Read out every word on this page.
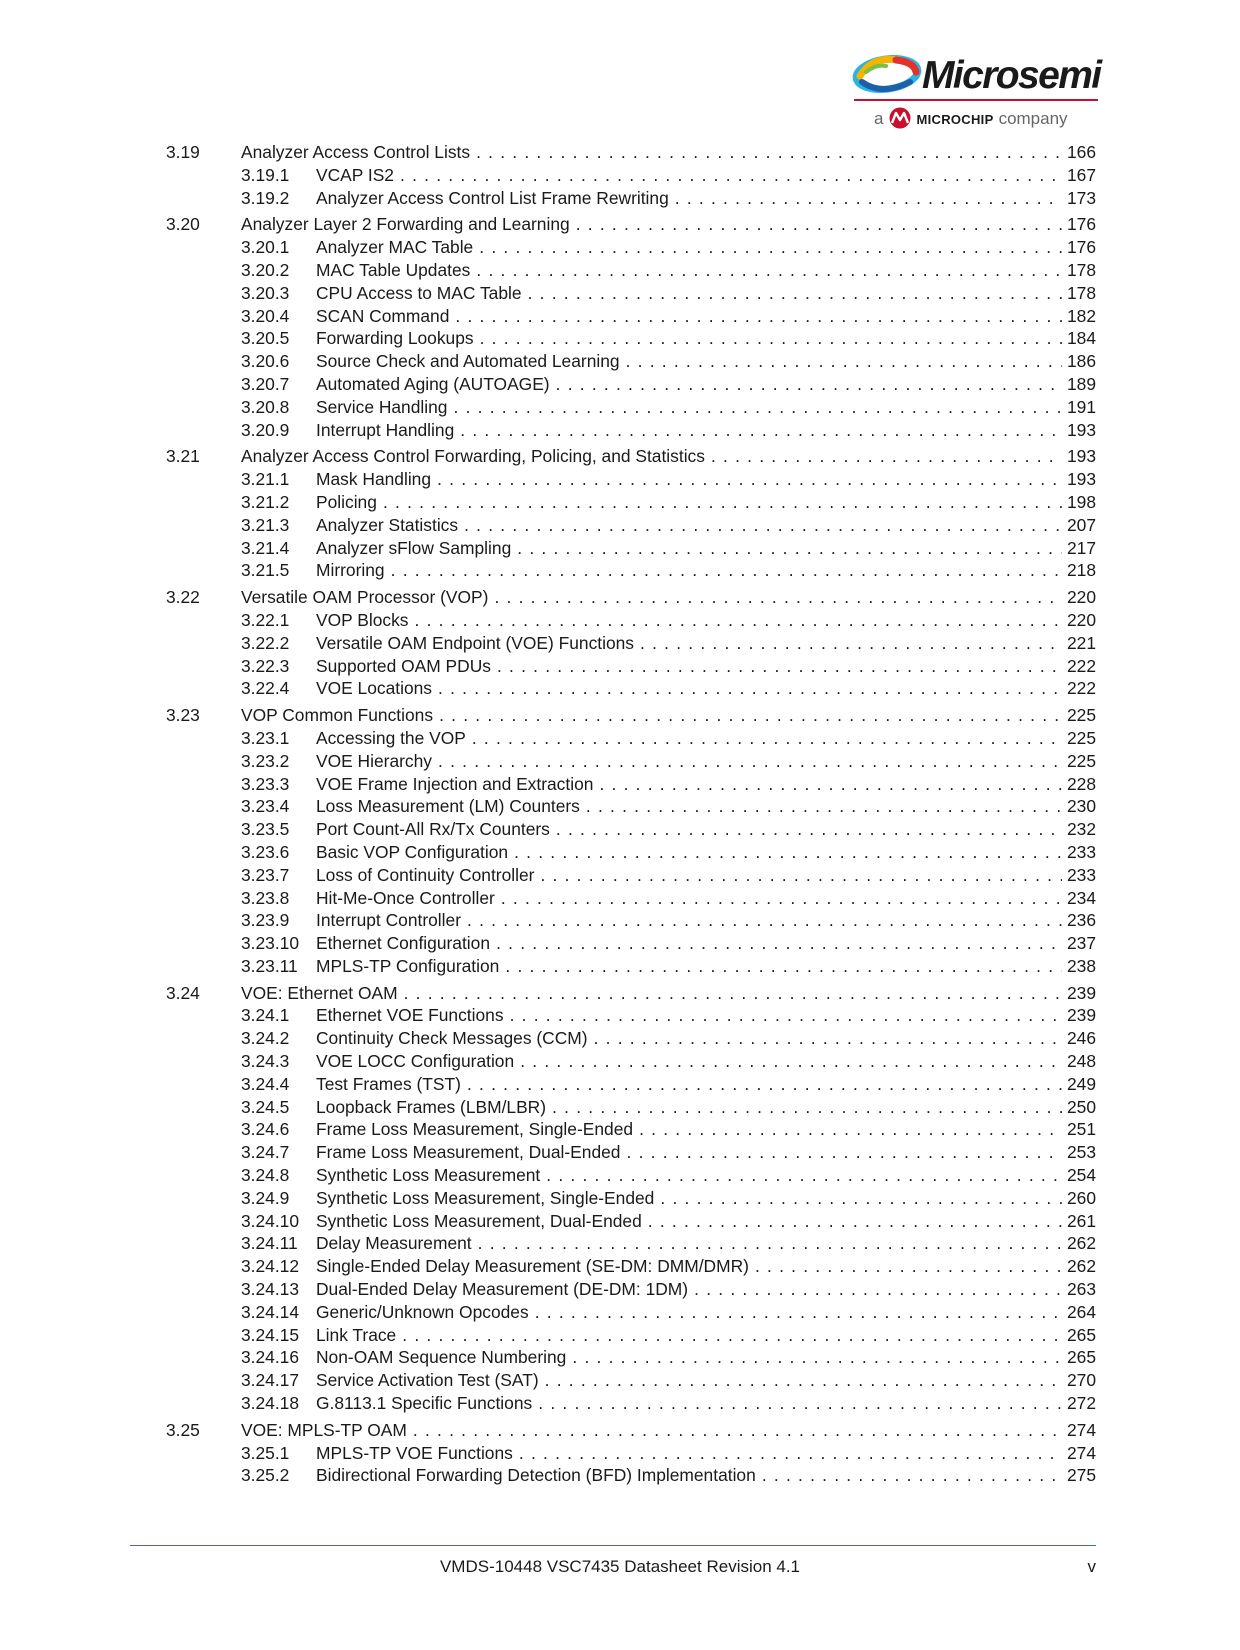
Microsemi
a	MICROCHIP company
3.19 Analyzer Access Control Lists . . .	166
3.19.1 VCAP IS2 . . .	167
3.19.2 Analyzer Access Control List Frame Rewriting . . .	173
3.20 Analyzer Layer 2 Forwarding and Learning . . .	176
3.20.1 Analyzer MAC Table . . .	176
3.20.2 MAC Table Updates . . .	178
3.20.3 CPU Access to MAC Table . . .	178
3.20.4 SCAN Command . . .	182
3.20.5 Forwarding Lookups . . .	184
3.20.6 Source Check and Automated Learning . . .	186
3.20.7 Automated Aging (AUTOAGE) . . .	189
3.20.8 Service Handling . . .	191
3.20.9 Interrupt Handling . . .	193
3.21 Analyzer Access Control Forwarding, Policing, and Statistics . . .	193
3.21.1 Mask Handling . . .	193
3.21.2 Policing . . .	198
3.21.3 Analyzer Statistics . . .	207
3.21.4 Analyzer sFlow Sampling . . .	217
3.21.5 Mirroring . . .	218
3.22 Versatile OAM Processor (VOP) . . .	220
3.22.1 VOP Blocks . . .	220
3.22.2 Versatile OAM Endpoint (VOE) Functions . . .	221
3.22.3 Supported OAM PDUs . . .	222
3.22.4 VOE Locations . . .	222
3.23 VOP Common Functions . . .	225
3.23.1 Accessing the VOP . . .	225
3.23.2 VOE Hierarchy . . .	225
3.23.3 VOE Frame Injection and Extraction . . .	228
3.23.4 Loss Measurement (LM) Counters . . .	230
3.23.5 Port Count-All Rx/Tx Counters . . .	232
3.23.6 Basic VOP Configuration . . .	233
3.23.7 Loss of Continuity Controller . . .	233
3.23.8 Hit-Me-Once Controller . . .	234
3.23.9 Interrupt Controller . . .	236
3.23.10 Ethernet Configuration . . .	237
3.23.11 MPLS-TP Configuration . . .	238
3.24 VOE: Ethernet OAM . . .	239
3.24.1 Ethernet VOE Functions . . .	239
3.24.2 Continuity Check Messages (CCM) . . .	246
3.24.3 VOE LOCC Configuration . . .	248
3.24.4 Test Frames (TST) . . .	249
3.24.5 Loopback Frames (LBM/LBR) . . .	250
3.24.6 Frame Loss Measurement, Single-Ended . . .	251
3.24.7 Frame Loss Measurement, Dual-Ended . . .	253
3.24.8 Synthetic Loss Measurement . . .	254
3.24.9 Synthetic Loss Measurement, Single-Ended . . .	260
3.24.10 Synthetic Loss Measurement, Dual-Ended . . .	261
3.24.11 Delay Measurement . . .	262
3.24.12 Single-Ended Delay Measurement (SE-DM: DMM/DMR) . . .	262
3.24.13 Dual-Ended Delay Measurement (DE-DM: 1DM) . . .	263
3.24.14 Generic/Unknown Opcodes . . .	264
3.24.15 Link Trace . . .	265
3.24.16 Non-OAM Sequence Numbering . . .	265
3.24.17 Service Activation Test (SAT) . . .	270
3.24.18 G.8113.1 Specific Functions . . .	272
3.25 VOE: MPLS-TP OAM . . .	274
3.25.1 MPLS-TP VOE Functions . . .	274
3.25.2 Bidirectional Forwarding Detection (BFD) Implementation . . .	275
VMDS-10448 VSC7435 Datasheet Revision 4.1	v
